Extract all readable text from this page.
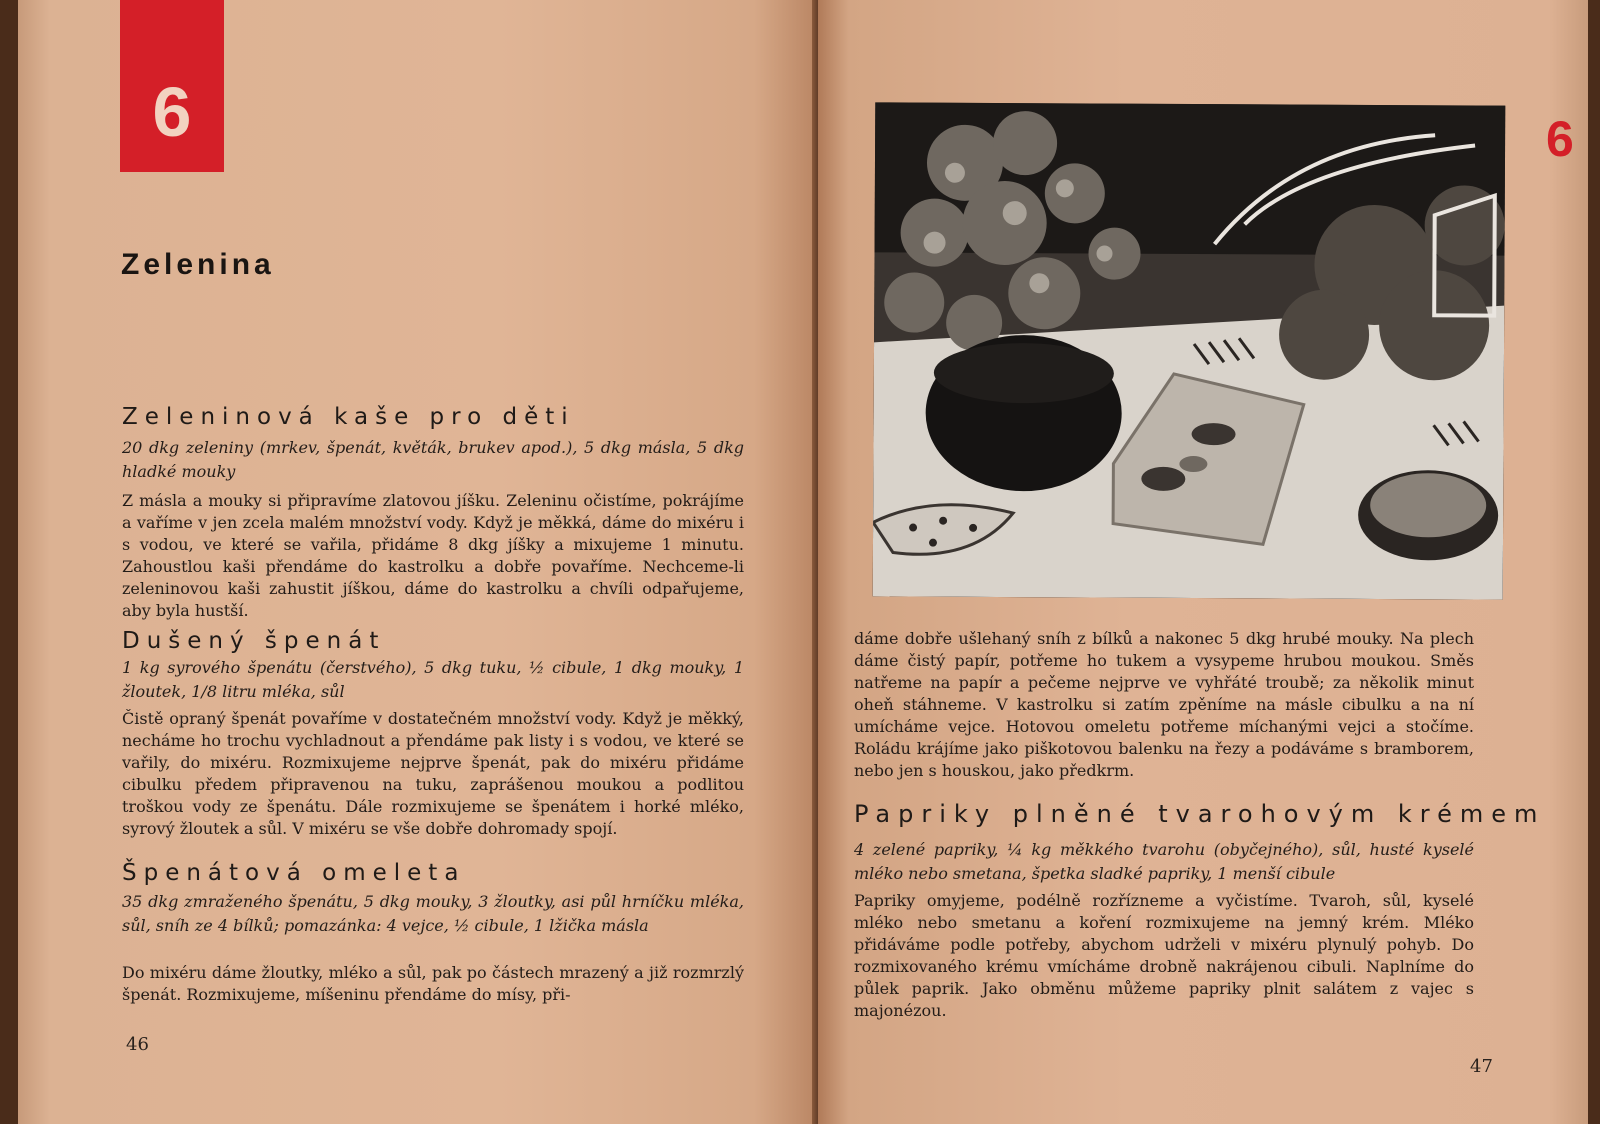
6
Zelenina
Zeleninová kaše pro děti
20 dkg zeleniny (mrkev, špenát, květák, brukev apod.), 5 dkg másla, 5 dkg hladké mouky
Z másla a mouky si připravíme zlatovou jíšku. Zeleninu očistíme, pokrájíme a vaříme v jen zcela malém množství vody. Když je měkká, dáme do mixéru i s vodou, ve které se vařila, přidáme 8 dkg jíšky a mixujeme 1 minutu. Zahoustlou kaši přendáme do kastrolku a dobře povaříme. Nechceme-li zeleninovou kaši zahustit jíškou, dáme do kastrolku a chvíli odpařujeme, aby byla hustší.
Dušený špenát
1 kg syrového špenátu (čerstvého), 5 dkg tuku, ½ cibule, 1 dkg mouky, 1 žloutek, 1/8 litru mléka, sůl
Čistě opraný špenát povaříme v dostatečném množství vody. Když je měkký, necháme ho trochu vychladnout a přendáme pak listy i s vodou, ve které se vařily, do mixéru. Rozmixujeme nejprve špenát, pak do mixéru přidáme cibulku předem připravenou na tuku, zaprášenou moukou a podlitou troškou vody ze špenátu. Dále rozmixujeme se špenátem i horké mléko, syrový žloutek a sůl. V mixéru se vše dobře dohromady spojí.
Špenátová omeleta
35 dkg zmraženého špenátu, 5 dkg mouky, 3 žloutky, asi půl hrníčku mléka, sůl, sníh ze 4 bílků; pomazánka: 4 vejce, ½ cibule, 1 lžička másla
Do mixéru dáme žloutky, mléko a sůl, pak po částech mrazený a již rozmrzlý špenát. Rozmixujeme, míšeninu přendáme do mísy, při-
46
6
dáme dobře ušlehaný sníh z bílků a nakonec 5 dkg hrubé mouky. Na plech dáme čistý papír, potřeme ho tukem a vysypeme hrubou moukou. Směs natřeme na papír a pečeme nejprve ve vyhřáté troubě; za několik minut oheň stáhneme. V kastrolku si zatím zpěníme na másle cibulku a na ní umícháme vejce. Hotovou omeletu potřeme míchanými vejci a stočíme. Roládu krájíme jako piškotovou balenku na řezy a podáváme s bramborem, nebo jen s houskou, jako předkrm.
Papriky plněné tvarohovým krémem
4 zelené papriky, ¼ kg měkkého tvarohu (obyčejného), sůl, husté kyselé mléko nebo smetana, špetka sladké papriky, 1 menší cibule
Papriky omyjeme, podélně rozřízneme a vyčistíme. Tvaroh, sůl, kyselé mléko nebo smetanu a koření rozmixujeme na jemný krém. Mléko přidáváme podle potřeby, abychom udrželi v mixéru plynulý pohyb. Do rozmixovaného krému vmícháme drobně nakrájenou cibuli. Naplníme do půlek paprik. Jako obměnu můžeme papriky plnit salátem z vajec s majonézou.
47
